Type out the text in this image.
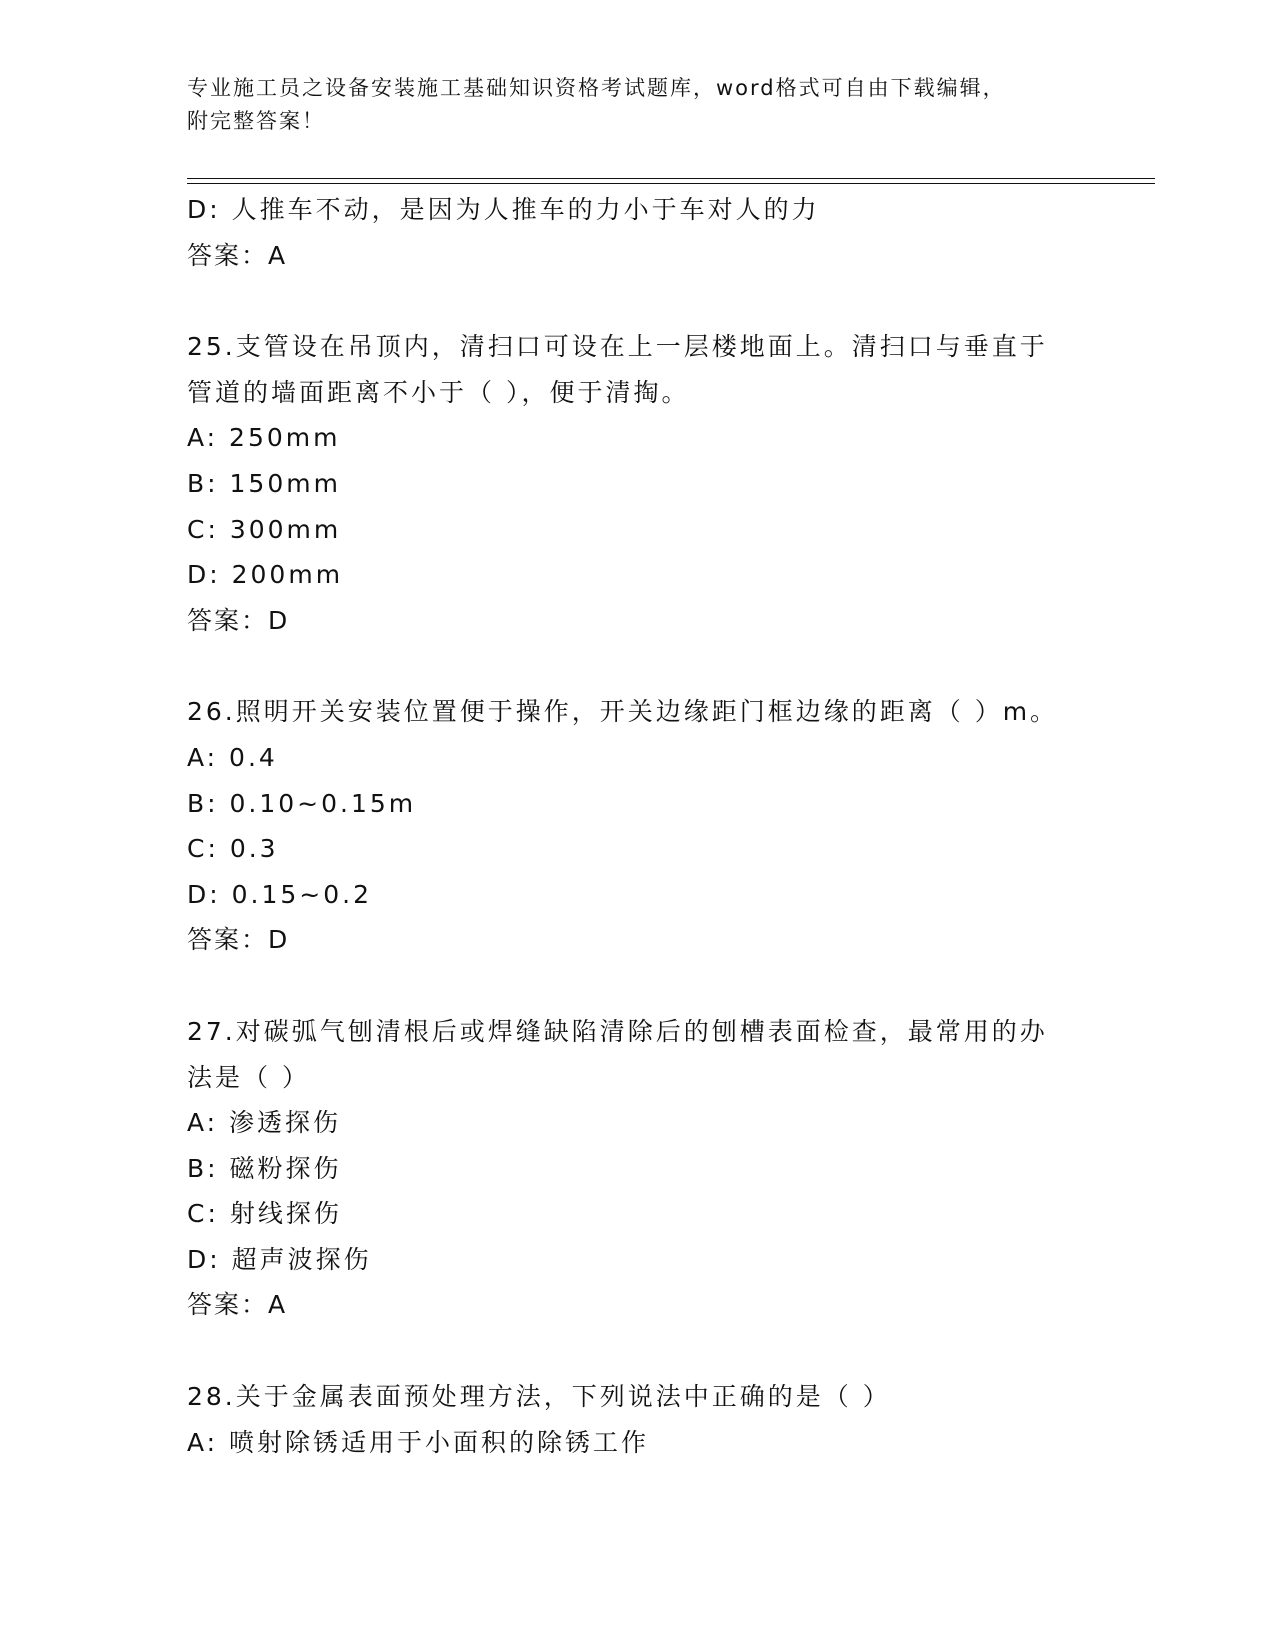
专业施工员之设备安装施工基础知识资格考试题库，word格式可自由下载编辑，
附完整答案！
D: 人推车不动，是因为人推车的力小于车对人的力
答案：A
25.支管设在吊顶内，清扫口可设在上一层楼地面上。清扫口与垂直于
管道的墙面距离不小于（ ），便于清掏。
A: 250mm
B: 150mm
C: 300mm
D: 200mm
答案：D
26.照明开关安装位置便于操作，开关边缘距门框边缘的距离（ ）m。
A: 0.4
B: 0.10~0.15m
C: 0.3
D: 0.15~0.2
答案：D
27.对碳弧气刨清根后或焊缝缺陷清除后的刨槽表面检查，最常用的办
法是（ ）
A: 渗透探伤
B: 磁粉探伤
C: 射线探伤
D: 超声波探伤
答案：A
28.关于金属表面预处理方法，下列说法中正确的是（ ）
A: 喷射除锈适用于小面积的除锈工作
